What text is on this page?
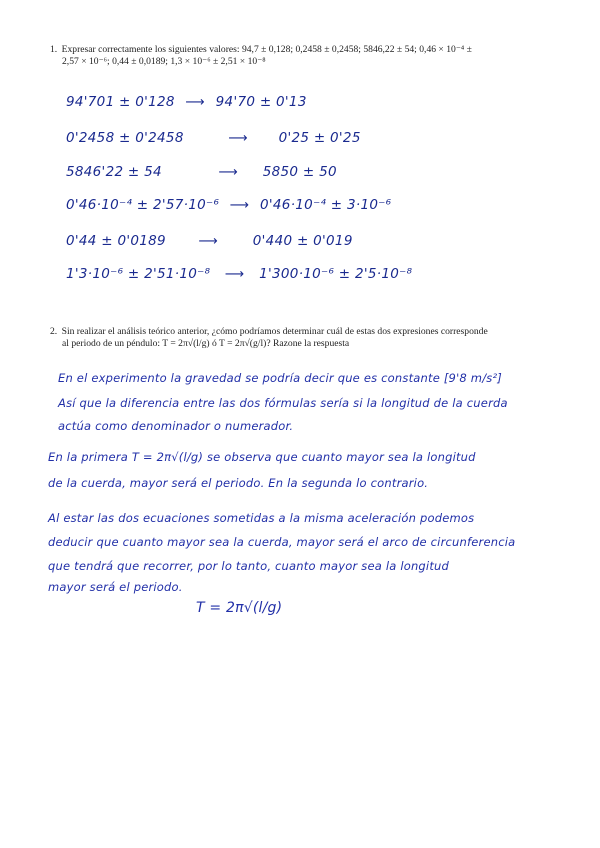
1. Expresar correctamente los siguientes valores: 94,7 ± 0,128; 0,2458 ± 0,2458; 5846,22 ± 54; 0,46 × 10⁻⁴ ±
2,57 × 10⁻⁶; 0,44 ± 0,0189; 1,3 × 10⁻⁶ ± 2,51 × 10⁻⁸
94'701 ± 0'128 ⟶ 94'70 ± 0'13
0'2458 ± 0'2458	⟶ 0'25 ± 0'25
5846'22 ± 54	⟶ 5850 ± 50
0'46·10⁻⁴ ± 2'57·10⁻⁶ ⟶ 0'46·10⁻⁴ ± 3·10⁻⁶
0'44 ± 0'0189 ⟶	0'440 ± 0'019
1'3·10⁻⁶ ± 2'51·10⁻⁸ ⟶ 1'300·10⁻⁶ ± 2'5·10⁻⁸
2. Sin realizar el análisis teórico anterior, ¿cómo podríamos determinar cuál de estas dos expresiones corresponde
al periodo de un péndulo: T = 2π√(l/g) ó T = 2π√(g/l)? Razone la respuesta
En el experimento la gravedad se podría decir que es constante [9'8 m/s²]
Así que la diferencia entre las dos fórmulas sería si la longitud de la cuerda
actúa como denominador o numerador.
En la primera T = 2π√(l/g) se observa que cuanto mayor sea la longitud
de la cuerda, mayor será el periodo. En la segunda lo contrario.
Al estar las dos ecuaciones sometidas a la misma aceleración podemos
deducir que cuanto mayor sea la cuerda, mayor será el arco de circunferencia
que tendrá que recorrer, por lo tanto, cuanto mayor sea la longitud
mayor será el periodo.
T = 2π√(l/g)
